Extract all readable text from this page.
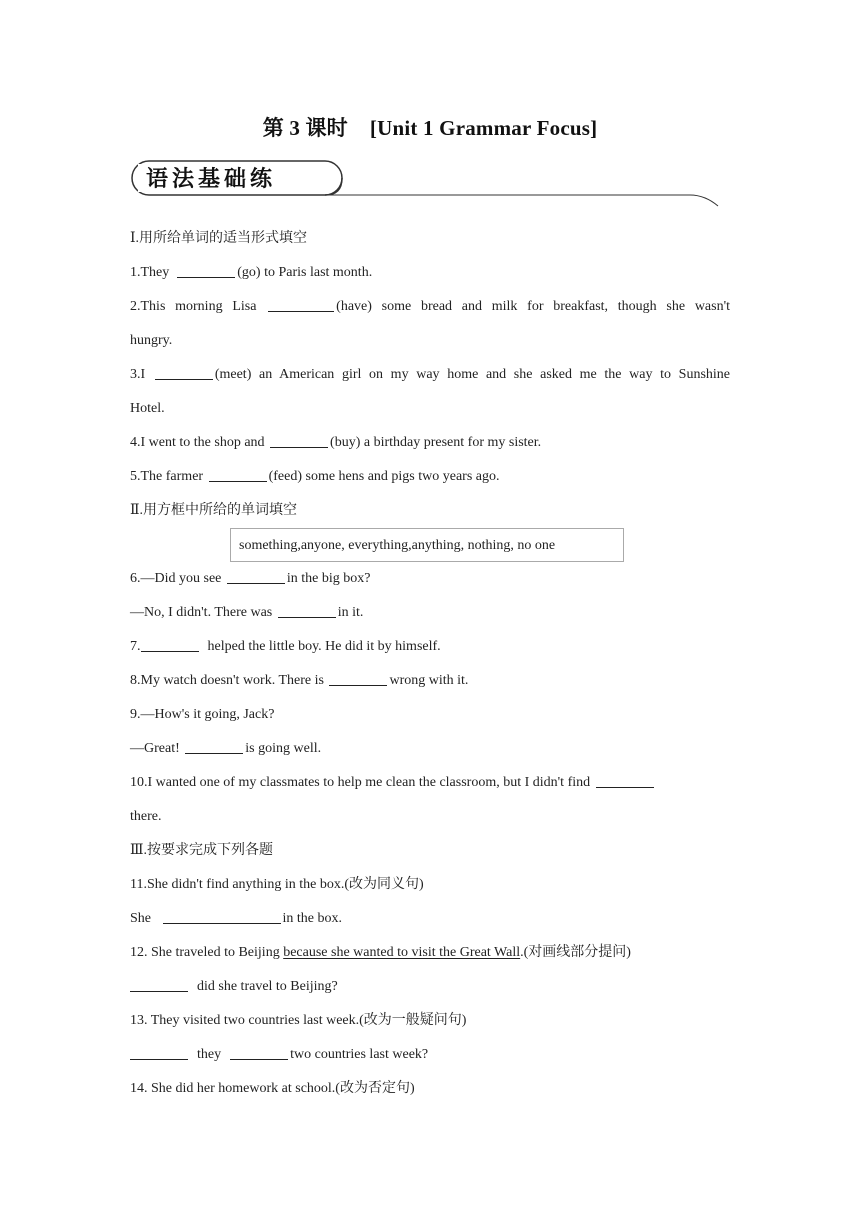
第 3 课时 [Unit 1 Grammar Focus]
语法基础练
Ⅰ.用所给单词的适当形式填空
1.They	(go) to Paris last month.
2.This morning Lisa	(have) some bread and milk for breakfast, though she wasn't
hungry.
3.I	(meet) an American girl on my way home and she asked me the way to Sunshine
Hotel.
4.I went to the shop and	(buy) a birthday present for my sister.
5.The farmer	(feed) some hens and pigs two years ago.
Ⅱ.用方框中所给的单词填空
something,anyone, everything,anything, nothing, no one
6.—Did you see	in the big box?
—No, I didn't. There was	in it.
7.	helped the little boy. He did it by himself.
8.My watch doesn't work. There is	wrong with it.
9.—How's it going, Jack?
—Great!	is going well.
10.I wanted one of my classmates to help me clean the classroom, but I didn't find
there.
Ⅲ.按要求完成下列各题
11.She didn't find anything in the box.(改为同义句)
She	in the box.
12. She traveled to Beijing because she wanted to visit the Great Wall.(对画线部分提问)
did she travel to Beijing?
13. They visited two countries last week.(改为一般疑问句)
they	two countries last week?
14. She did her homework at school.(改为否定句)
